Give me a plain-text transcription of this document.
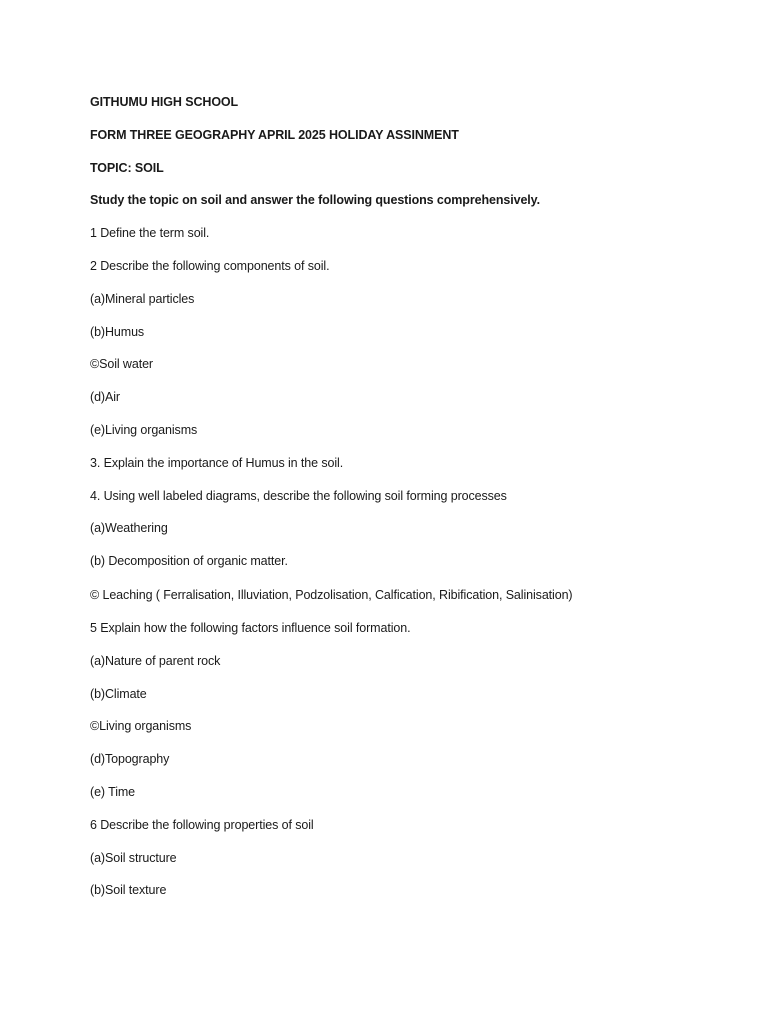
GITHUMU HIGH SCHOOL
FORM THREE GEOGRAPHY APRIL 2025 HOLIDAY ASSINMENT
TOPIC: SOIL
Study the topic on soil and answer the following questions comprehensively.
1 Define the term soil.
2 Describe the following components of soil.
(a)Mineral particles
(b)Humus
©Soil water
(d)Air
(e)Living organisms
3. Explain the importance of Humus in the soil.
4. Using well labeled diagrams, describe the following soil forming processes
(a)Weathering
(b) Decomposition of organic matter.
© Leaching ( Ferralisation, Illuviation, Podzolisation, Calfication, Ribification, Salinisation)
5 Explain how the following factors influence soil formation.
(a)Nature of parent rock
(b)Climate
©Living organisms
(d)Topography
(e) Time
6 Describe the following properties of soil
(a)Soil structure
(b)Soil texture
